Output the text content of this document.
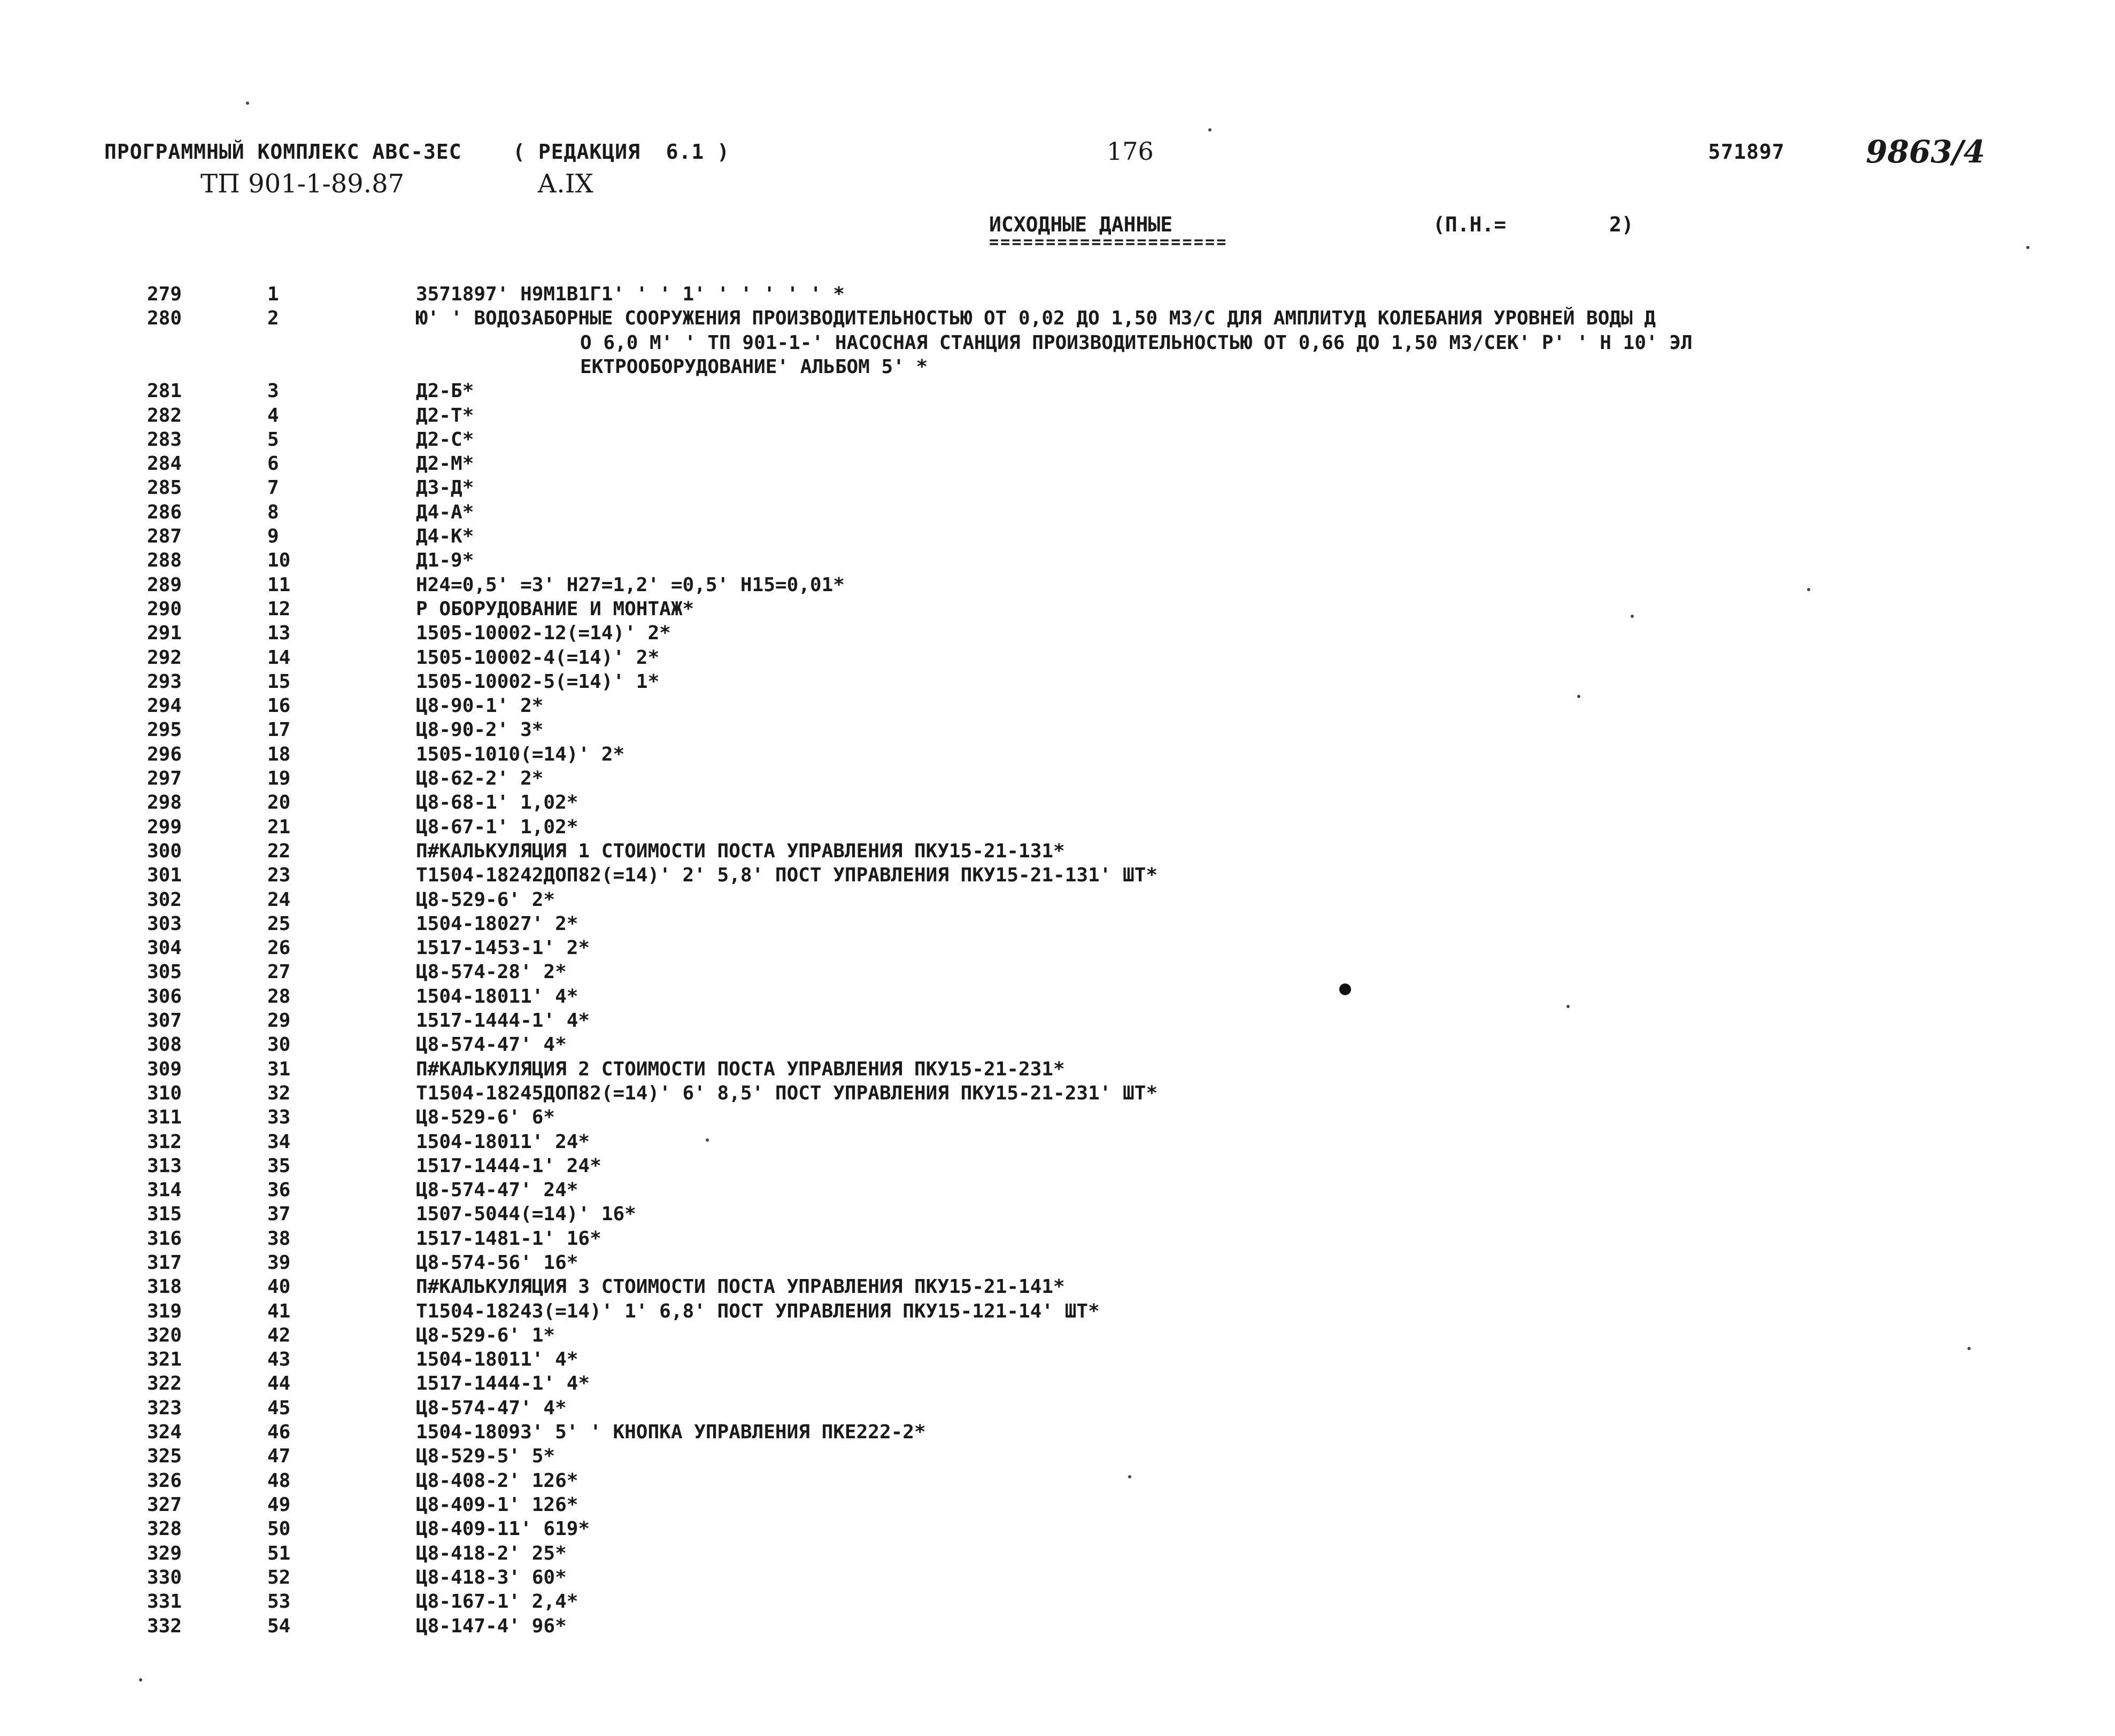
ПРОГРАММНЫЙ КОМПЛЕКС АВС-3ЕС    ( РЕДАКЦИЯ  6.1 )	176	571897	9863/4
ТП 901-1-89.87	А.IX
ИСХОДНЫЕ ДАННЫЕ
=====================
(П.Н.=	2)
279	1	3571897' Н9М1В1Г1' ' ' 1' ' ' ' ' ' *
280	2	Ю' ' ВОДОЗАБОРНЫЕ СООРУЖЕНИЯ ПРОИЗВОДИТЕЛЬНОСТЬЮ ОТ 0,02 ДО 1,50 М3/С ДЛЯ АМПЛИТУД КОЛЕБАНИЯ УРОВНЕЙ ВОДЫ Д
О 6,0 М' ' ТП 901-1-' НАСОСНАЯ СТАНЦИЯ ПРОИЗВОДИТЕЛЬНОСТЬЮ ОТ 0,66 ДО 1,50 М3/СЕК' Р' ' Н 10' ЭЛ
ЕКТРООБОРУДОВАНИЕ' АЛЬБОМ 5' *
281	3	Д2-Б*
282	4	Д2-Т*
283	5	Д2-С*
284	6	Д2-М*
285	7	Д3-Д*
286	8	Д4-А*
287	9	Д4-К*
288	10	Д1-9*
289	11	Н24=0,5' =3' Н27=1,2' =0,5' Н15=0,01*
290	12	Р ОБОРУДОВАНИЕ И МОНТАЖ*
291	13	1505-10002-12(=14)' 2*
292	14	1505-10002-4(=14)' 2*
293	15	1505-10002-5(=14)' 1*
294	16	Ц8-90-1' 2*
295	17	Ц8-90-2' 3*
296	18	1505-1010(=14)' 2*
297	19	Ц8-62-2' 2*
298	20	Ц8-68-1' 1,02*
299	21	Ц8-67-1' 1,02*
300	22	П#КАЛЬКУЛЯЦИЯ 1 СТОИМОСТИ ПОСТА УПРАВЛЕНИЯ ПКУ15-21-131*
301	23	Т1504-18242ДОП82(=14)' 2' 5,8' ПОСТ УПРАВЛЕНИЯ ПКУ15-21-131' ШТ*
302	24	Ц8-529-6' 2*
303	25	1504-18027' 2*
304	26	1517-1453-1' 2*
305	27	Ц8-574-28' 2*
306	28	1504-18011' 4*
307	29	1517-1444-1' 4*
308	30	Ц8-574-47' 4*
309	31	П#КАЛЬКУЛЯЦИЯ 2 СТОИМОСТИ ПОСТА УПРАВЛЕНИЯ ПКУ15-21-231*
310	32	Т1504-18245ДОП82(=14)' 6' 8,5' ПОСТ УПРАВЛЕНИЯ ПКУ15-21-231' ШТ*
311	33	Ц8-529-6' 6*
312	34	1504-18011' 24*
313	35	1517-1444-1' 24*
314	36	Ц8-574-47' 24*
315	37	1507-5044(=14)' 16*
316	38	1517-1481-1' 16*
317	39	Ц8-574-56' 16*
318	40	П#КАЛЬКУЛЯЦИЯ 3 СТОИМОСТИ ПОСТА УПРАВЛЕНИЯ ПКУ15-21-141*
319	41	Т1504-18243(=14)' 1' 6,8' ПОСТ УПРАВЛЕНИЯ ПКУ15-121-14' ШТ*
320	42	Ц8-529-6' 1*
321	43	1504-18011' 4*
322	44	1517-1444-1' 4*
323	45	Ц8-574-47' 4*
324	46	1504-18093' 5' ' КНОПКА УПРАВЛЕНИЯ ПКЕ222-2*
325	47	Ц8-529-5' 5*
326	48	Ц8-408-2' 126*
327	49	Ц8-409-1' 126*
328	50	Ц8-409-11' 619*
329	51	Ц8-418-2' 25*
330	52	Ц8-418-3' 60*
331	53	Ц8-167-1' 2,4*
332	54	Ц8-147-4' 96*
